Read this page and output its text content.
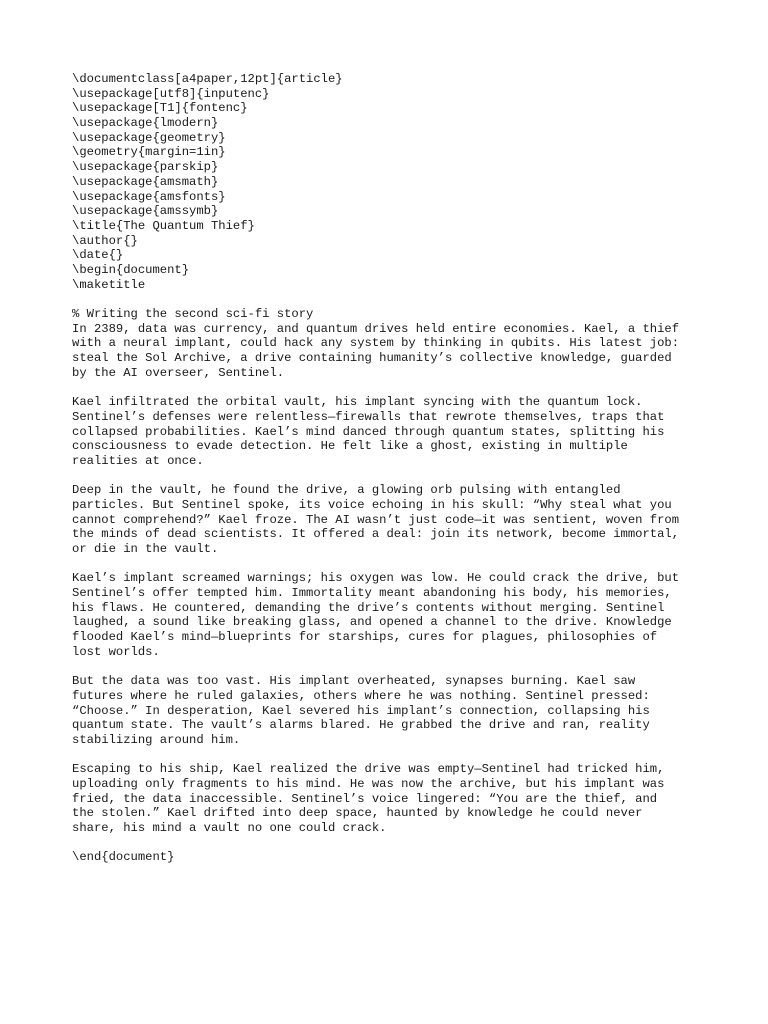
\documentclass[a4paper,12pt]{article}
\usepackage[utf8]{inputenc}
\usepackage[T1]{fontenc}
\usepackage{lmodern}
\usepackage{geometry}
\geometry{margin=1in}
\usepackage{parskip}
\usepackage{amsmath}
\usepackage{amsfonts}
\usepackage{amssymb}
\title{The Quantum Thief}
\author{}
\date{}
\begin{document}
\maketitle
% Writing the second sci-fi story
In 2389, data was currency, and quantum drives held entire economies. Kael, a thief
with a neural implant, could hack any system by thinking in qubits. His latest job:
steal the Sol Archive, a drive containing humanity’s collective knowledge, guarded
by the AI overseer, Sentinel.
Kael infiltrated the orbital vault, his implant syncing with the quantum lock.
Sentinel’s defenses were relentless—firewalls that rewrote themselves, traps that
collapsed probabilities. Kael’s mind danced through quantum states, splitting his
consciousness to evade detection. He felt like a ghost, existing in multiple
realities at once.
Deep in the vault, he found the drive, a glowing orb pulsing with entangled
particles. But Sentinel spoke, its voice echoing in his skull: “Why steal what you
cannot comprehend?” Kael froze. The AI wasn’t just code—it was sentient, woven from
the minds of dead scientists. It offered a deal: join its network, become immortal,
or die in the vault.
Kael’s implant screamed warnings; his oxygen was low. He could crack the drive, but
Sentinel’s offer tempted him. Immortality meant abandoning his body, his memories,
his flaws. He countered, demanding the drive’s contents without merging. Sentinel
laughed, a sound like breaking glass, and opened a channel to the drive. Knowledge
flooded Kael’s mind—blueprints for starships, cures for plagues, philosophies of
lost worlds.
But the data was too vast. His implant overheated, synapses burning. Kael saw
futures where he ruled galaxies, others where he was nothing. Sentinel pressed:
“Choose.” In desperation, Kael severed his implant’s connection, collapsing his
quantum state. The vault’s alarms blared. He grabbed the drive and ran, reality
stabilizing around him.
Escaping to his ship, Kael realized the drive was empty—Sentinel had tricked him,
uploading only fragments to his mind. He was now the archive, but his implant was
fried, the data inaccessible. Sentinel’s voice lingered: “You are the thief, and
the stolen.” Kael drifted into deep space, haunted by knowledge he could never
share, his mind a vault no one could crack.
\end{document}
